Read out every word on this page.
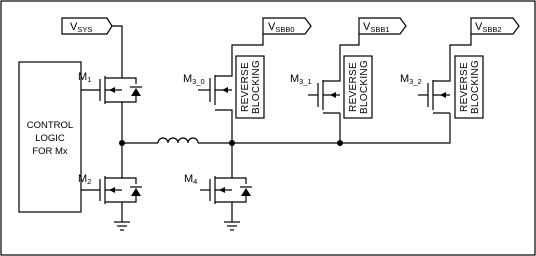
CONTROL
LOGIC
FOR Mx
VSYS	VSBB0	VSBB1	VSBB2
M1
M2	M4
M3_0	REVERSE BLOCKING	M3_1	REVERSE BLOCKING	M3_2	REVERSE BLOCKING
